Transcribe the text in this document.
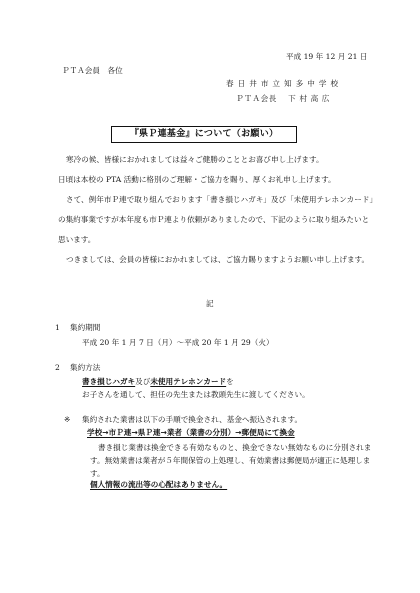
平成 19 年 12 月 21 日
ＰＴＡ会員　各位
春 日 井 市 立 知 多 中 学 校
ＰＴＡ会長　 下 村 高 広
『県Ｐ連基金』について（お願い）
寒冷の候、皆様におかれましては益々ご健勝のこととお喜び申し上げます。
日頃は本校の PTA 活動に格別のご理解・ご協力を賜り、厚くお礼申し上げます。
さて、例年市Ｐ連で取り組んでおります「書き損じハガキ」及び「未使用テレホンカード」の集約事業ですが本年度も市Ｐ連より依頼がありましたので、下記のように取り組みたいと思います。
つきましては、会員の皆様におかれましては、ご協力賜りますようお願い申し上げます。
記
1 集約期間
平成 20 年 1 月 7 日（月）〜平成 20 年 1 月 29（火）
2 集約方法
書き損じハガキ及び未使用テレホンカードを
お子さんを通して、担任の先生または教頭先生に渡してください。
※ 集約された業書は以下の手順で換金され、基金へ振込されます。
学校→市Ｐ連→県Ｐ連→業者（業書の分別）→郵便局にて換金
書き損じ業書は換金できる有効なものと、換金できない無効なものに分別されます。無効業書は業者が５年間保管の上処理し、有効業書は郵便局が適正に処理します。
個人情報の流出等の心配はありません。
